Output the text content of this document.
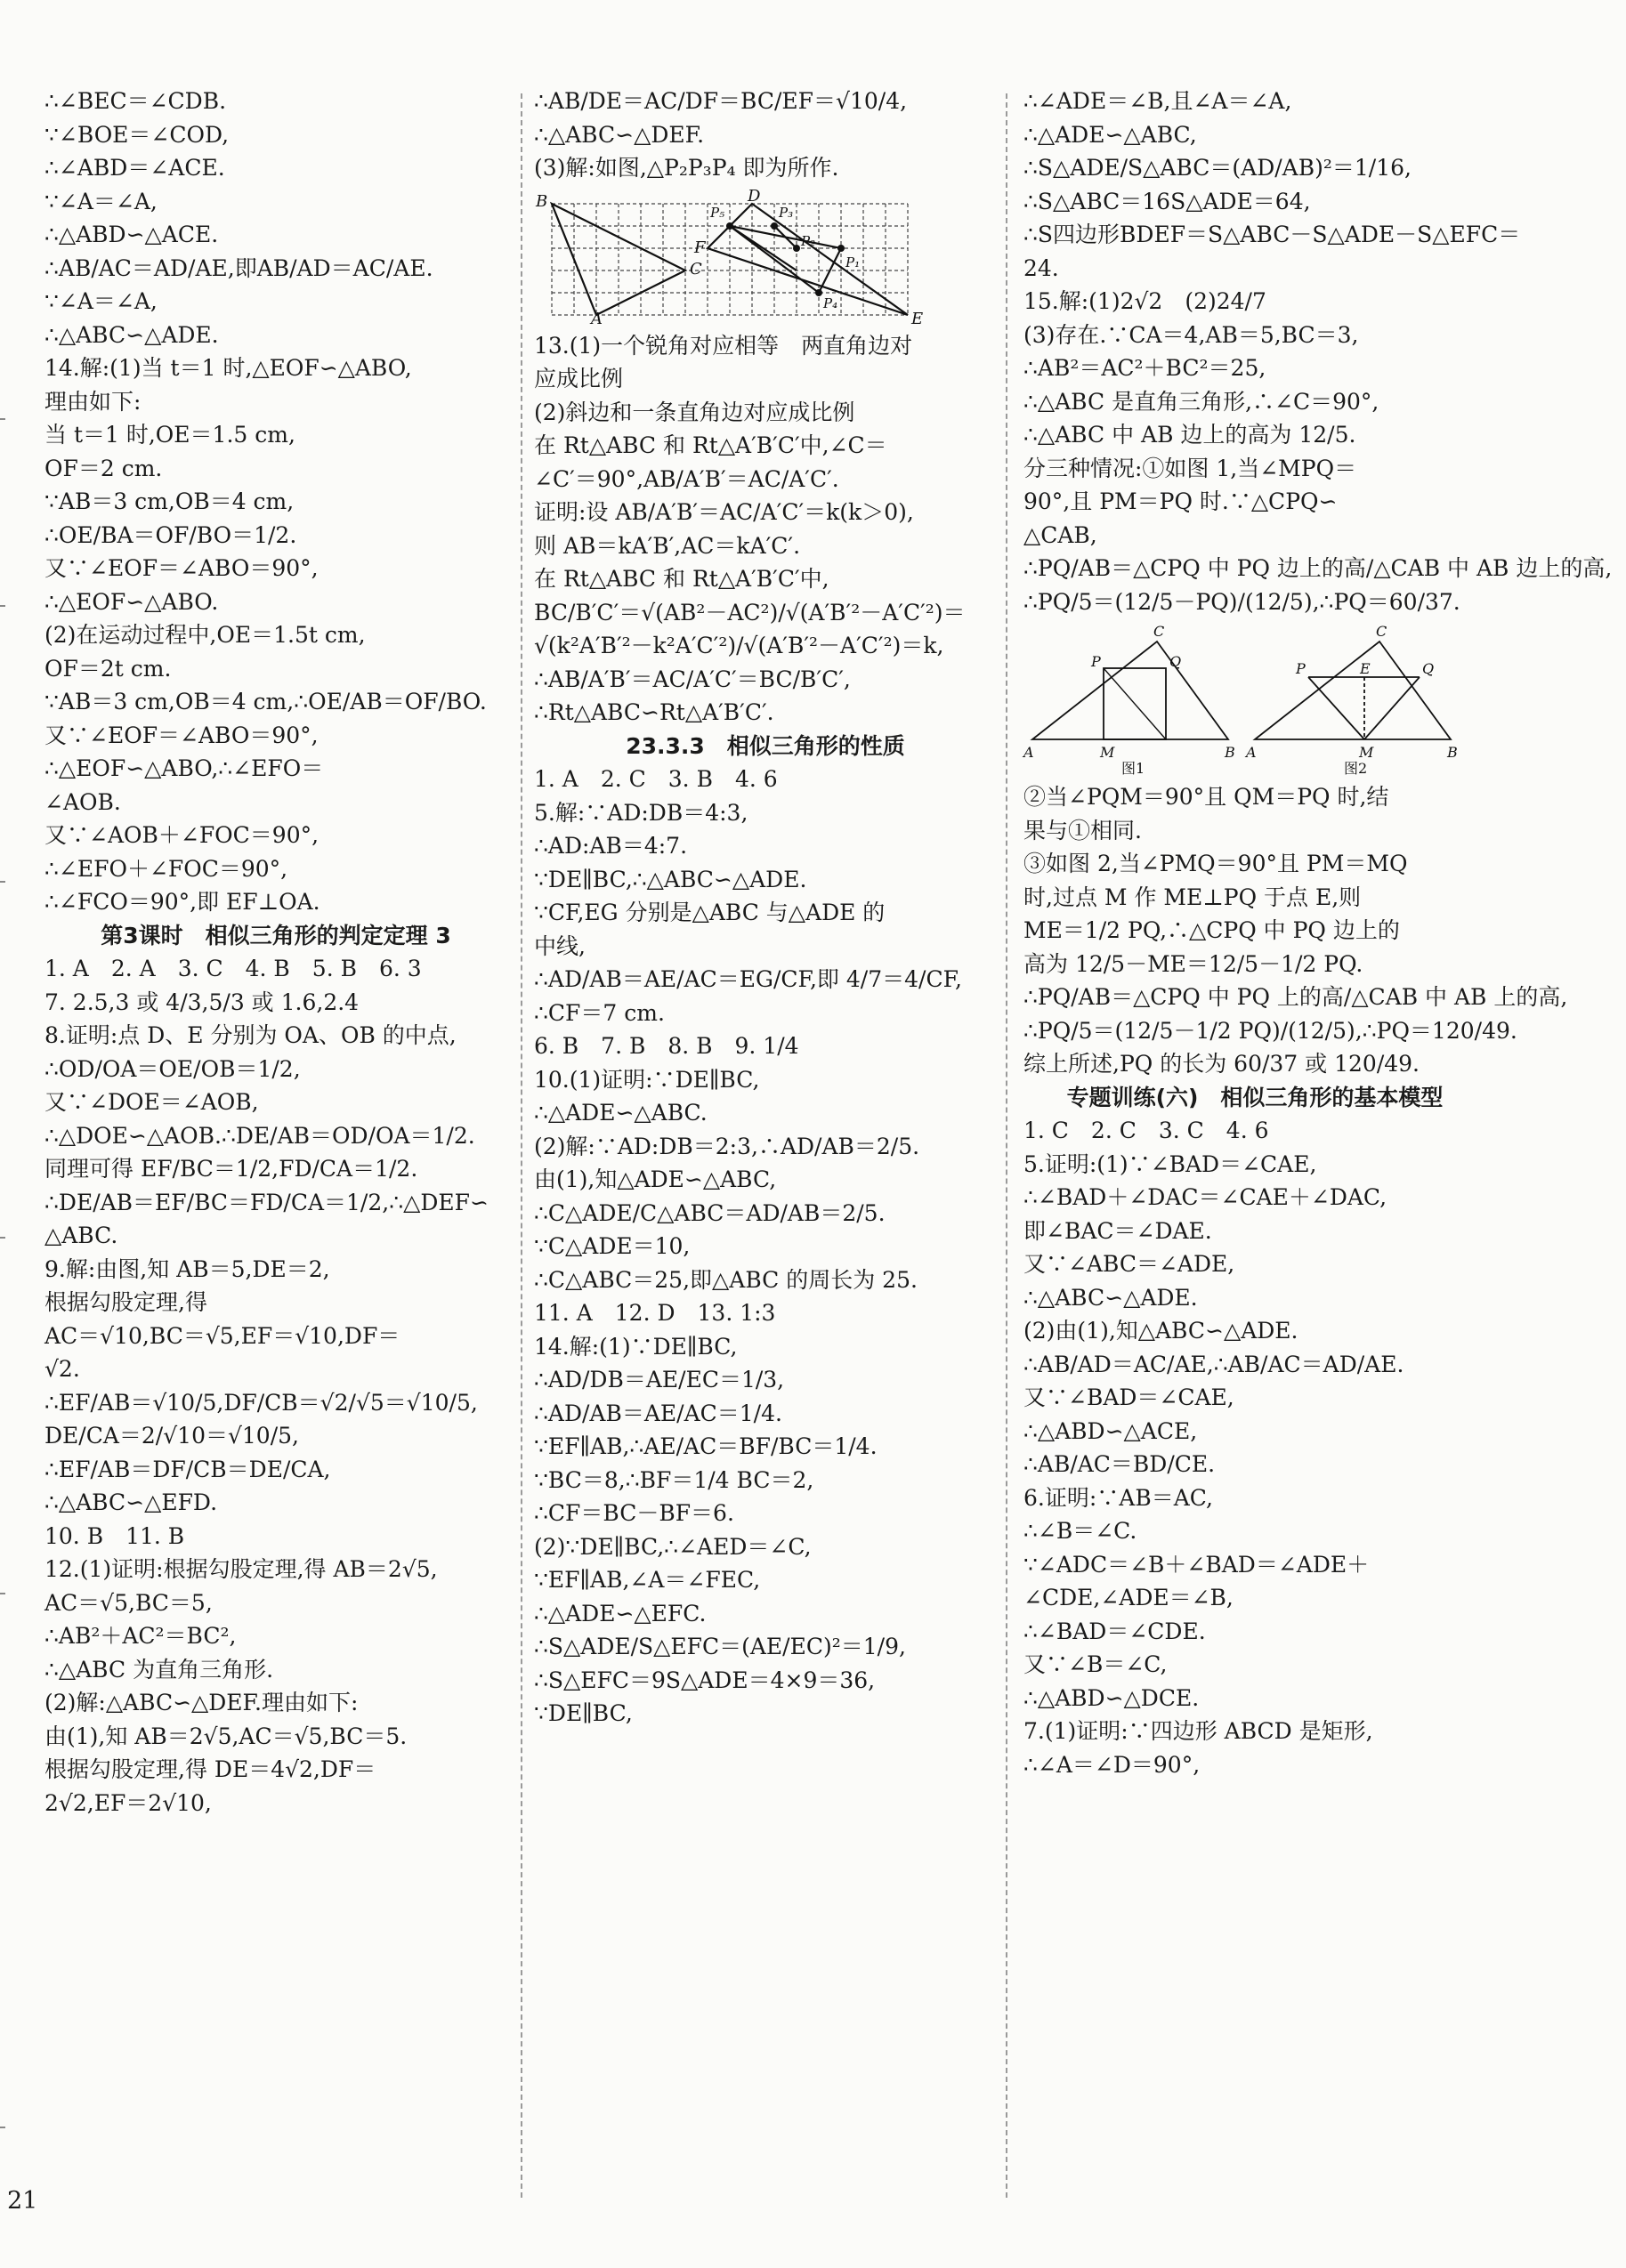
∴∠BEC＝∠CDB.
∵∠BOE＝∠COD,
∴∠ABD＝∠ACE.
∵∠A＝∠A,
∴△ABD∽△ACE.
∴AB/AC＝AD/AE,即AB/AD＝AC/AE.
∵∠A＝∠A,
∴△ABC∽△ADE.
14.解:(1)当 t＝1 时,△EOF∽△ABO,
理由如下:
当 t＝1 时,OE＝1.5 cm,
OF＝2 cm.
∵AB＝3 cm,OB＝4 cm,
∴OE/BA＝OF/BO＝1/2.
又∵∠EOF＝∠ABO＝90°,
∴△EOF∽△ABO.
(2)在运动过程中,OE＝1.5t cm,
OF＝2t cm.
∵AB＝3 cm,OB＝4 cm,∴OE/AB＝OF/BO.
又∵∠EOF＝∠ABO＝90°,
∴△EOF∽△ABO,∴∠EFO＝
∠AOB.
又∵∠AOB＋∠FOC＝90°,
∴∠EFO＋∠FOC＝90°,
∴∠FCO＝90°,即 EF⊥OA.
第3课时　相似三角形的判定定理 3
1. A　2. A　3. C　4. B　5. B　6. 3
7. 2.5,3 或 4/3,5/3 或 1.6,2.4
8.证明:点 D、E 分别为 OA、OB 的中点,
∴OD/OA＝OE/OB＝1/2,
又∵∠DOE＝∠AOB,
∴△DOE∽△AOB.∴DE/AB＝OD/OA＝1/2.
同理可得 EF/BC＝1/2,FD/CA＝1/2.
∴DE/AB＝EF/BC＝FD/CA＝1/2,∴△DEF∽
△ABC.
9.解:由图,知 AB＝5,DE＝2,
根据勾股定理,得
AC＝√10,BC＝√5,EF＝√10,DF＝
√2.
∴EF/AB＝√10/5,DF/CB＝√2/√5＝√10/5,
DE/CA＝2/√10＝√10/5,
∴EF/AB＝DF/CB＝DE/CA,
∴△ABC∽△EFD.
10. B　11. B
12.(1)证明:根据勾股定理,得 AB＝2√5,
AC＝√5,BC＝5,
∴AB²＋AC²＝BC²,
∴△ABC 为直角三角形.
(2)解:△ABC∽△DEF.理由如下:
由(1),知 AB＝2√5,AC＝√5,BC＝5.
根据勾股定理,得 DE＝4√2,DF＝
2√2,EF＝2√10,
∴AB/DE＝AC/DF＝BC/EF＝√10/4,
∴△ABC∽△DEF.
(3)解:如图,△P₂P₃P₄ 即为所作.
B	D
C
F
A	E
P₅	P₃
P₂
P₁
P₄
13.(1)一个锐角对应相等　两直角边对
应成比例
(2)斜边和一条直角边对应成比例
在 Rt△ABC 和 Rt△A′B′C′中,∠C＝
∠C′＝90°,AB/A′B′＝AC/A′C′.
证明:设 AB/A′B′＝AC/A′C′＝k(k＞0),
则 AB＝kA′B′,AC＝kA′C′.
在 Rt△ABC 和 Rt△A′B′C′中,
BC/B′C′＝√(AB²－AC²)/√(A′B′²－A′C′²)＝
√(k²A′B′²－k²A′C′²)/√(A′B′²－A′C′²)＝k,
∴AB/A′B′＝AC/A′C′＝BC/B′C′,
∴Rt△ABC∽Rt△A′B′C′.
23.3.3　相似三角形的性质
1. A　2. C　3. B　4. 6
5.解:∵AD:DB＝4:3,
∴AD:AB＝4:7.
∵DE∥BC,∴△ABC∽△ADE.
∵CF,EG 分别是△ABC 与△ADE 的
中线,
∴AD/AB＝AE/AC＝EG/CF,即 4/7＝4/CF,
∴CF＝7 cm.
6. B　7. B　8. B　9. 1/4
10.(1)证明:∵DE∥BC,
∴△ADE∽△ABC.
(2)解:∵AD:DB＝2:3,∴AD/AB＝2/5.
由(1),知△ADE∽△ABC,
∴C△ADE/C△ABC＝AD/AB＝2/5.
∵C△ADE＝10,
∴C△ABC＝25,即△ABC 的周长为 25.
11. A　12. D　13. 1:3
14.解:(1)∵DE∥BC,
∴AD/DB＝AE/EC＝1/3,
∴AD/AB＝AE/AC＝1/4.
∵EF∥AB,∴AE/AC＝BF/BC＝1/4.
∵BC＝8,∴BF＝1/4 BC＝2,
∴CF＝BC－BF＝6.
(2)∵DE∥BC,∴∠AED＝∠C,
∵EF∥AB,∠A＝∠FEC,
∴△ADE∽△EFC.
∴S△ADE/S△EFC＝(AE/EC)²＝1/9,
∴S△EFC＝9S△ADE＝4×9＝36,
∵DE∥BC,
∴∠ADE＝∠B,且∠A＝∠A,
∴△ADE∽△ABC,
∴S△ADE/S△ABC＝(AD/AB)²＝1/16,
∴S△ABC＝16S△ADE＝64,
∴S四边形BDEF＝S△ABC－S△ADE－S△EFC＝
24.
15.解:(1)2√2　(2)24/7
(3)存在.∵CA＝4,AB＝5,BC＝3,
∴AB²＝AC²＋BC²＝25,
∴△ABC 是直角三角形,∴∠C＝90°,
∴△ABC 中 AB 边上的高为 12/5.
分三种情况:①如图 1,当∠MPQ＝
90°,且 PM＝PQ 时.∵△CPQ∽
△CAB,
∴PQ/AB＝△CPQ 中 PQ 边上的高/△CAB 中 AB 边上的高,
∴PQ/5＝(12/5－PQ)/(12/5),∴PQ＝60/37.
C
P	Q
A	M	B
C
P	Q
E
A	M	B
图1	图2
②当∠PQM＝90°且 QM＝PQ 时,结
果与①相同.
③如图 2,当∠PMQ＝90°且 PM＝MQ
时,过点 M 作 ME⊥PQ 于点 E,则
ME＝1/2 PQ,∴△CPQ 中 PQ 边上的
高为 12/5－ME＝12/5－1/2 PQ.
∴PQ/AB＝△CPQ 中 PQ 上的高/△CAB 中 AB 上的高,
∴PQ/5＝(12/5－1/2 PQ)/(12/5),∴PQ＝120/49.
综上所述,PQ 的长为 60/37 或 120/49.
专题训练(六)　相似三角形的基本模型
1. C　2. C　3. C　4. 6
5.证明:(1)∵∠BAD＝∠CAE,
∴∠BAD＋∠DAC＝∠CAE＋∠DAC,
即∠BAC＝∠DAE.
又∵∠ABC＝∠ADE,
∴△ABC∽△ADE.
(2)由(1),知△ABC∽△ADE.
∴AB/AD＝AC/AE,∴AB/AC＝AD/AE.
又∵∠BAD＝∠CAE,
∴△ABD∽△ACE,
∴AB/AC＝BD/CE.
6.证明:∵AB＝AC,
∴∠B＝∠C.
∵∠ADC＝∠B＋∠BAD＝∠ADE＋
∠CDE,∠ADE＝∠B,
∴∠BAD＝∠CDE.
又∵∠B＝∠C,
∴△ABD∽△DCE.
7.(1)证明:∵四边形 ABCD 是矩形,
∴∠A＝∠D＝90°,
21
